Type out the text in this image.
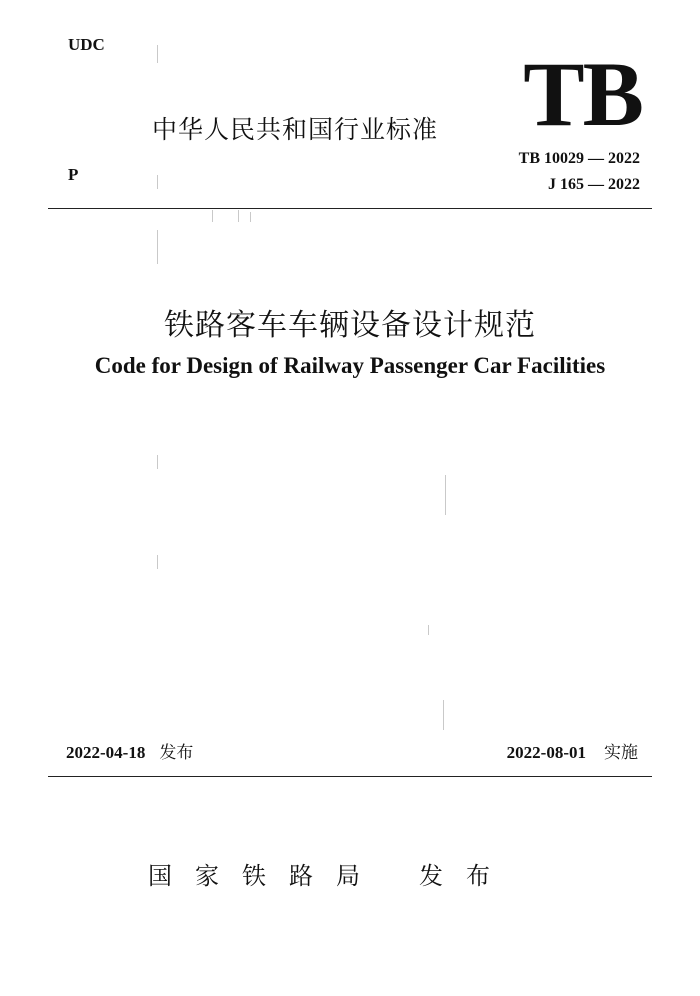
UDC
中华人民共和国行业标准 TB
P
TB 10029 — 2022
J 165 — 2022
铁路客车车辆设备设计规范
Code for Design of Railway Passenger Car Facilities
2022-04-18 发布	2022-08-01 实施
国家铁路局 发布
